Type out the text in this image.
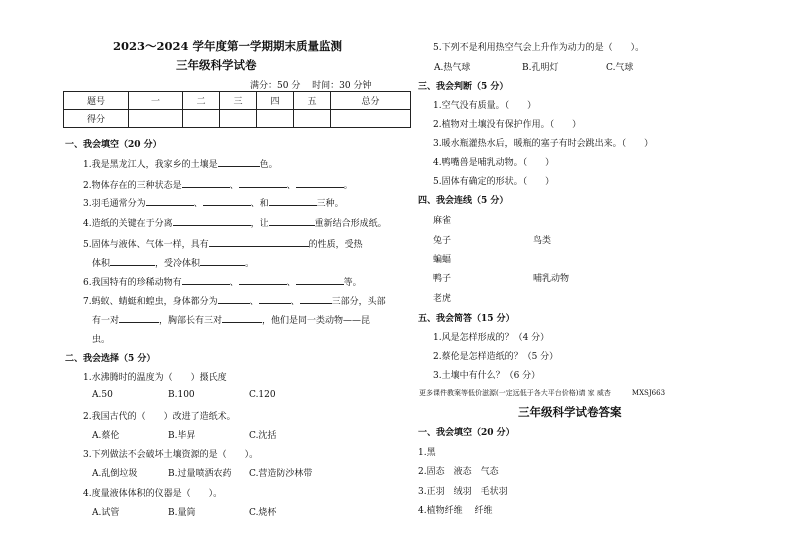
2023～2024 学年度第一学期期末质量监测
三年级科学试卷
满分：50 分　 时间：30 分钟
题号	一	二	三	四	五	总分
得分						
一、我会填空（20 分）
1.我是黑龙江人，我家乡的土壤是	色。
2.物体存在的三种状态是	、	、	。
3.羽毛通常分为	、	、和	三种。
4.造纸的关键在于分离	，让	重新结合形成纸。
5.固体与液体、气体一样，具有	的性质，受热
体积	，受冷体积	。
6.我国特有的珍稀动物有	、	、	等。
7.蚂蚁、蜻蜓和蝗虫，身体都分为	、	、	三部分，头部
有一对	，胸部长有三对	，他们是同一类动物——昆
虫。
二、我会选择（5 分）
1.水沸腾时的温度为（　　）摄氏度
A.50	B.100	C.120
2.我国古代的（　　）改进了造纸术。
A.蔡伦	B.毕昇	C.沈括
3.下列做法不会破坏土壤资源的是（　　）。
A.乱倒垃圾	B.过量喷洒农药 C.营造防沙林带
4.度量液体体积的仪器是（　　）。
A.试管	B.量筒	C.烧杯
5.下列不是利用热空气会上升作为动力的是（　　）。
A.热气球	B.孔明灯	C.气球
三、我会判断（5 分）
1.空气没有质量。（　　）
2.植物对土壤没有保护作用。（　　）
3.暖水瓶灌热水后，暖瓶的塞子有时会跳出来。（　　）
4.鸭嘴兽是哺乳动物。（　　）
5.固体有确定的形状。（　　）
四、我会连线（5 分）
麻雀
兔子
蝙蝠
鸭子
老虎
鸟类
哺乳动物
五、我会简答（15 分）
1.风是怎样形成的？（4 分）
2.蔡伦是怎样造纸的？（5 分）
3.土壤中有什么？（6 分）
更多课件教案等低价滋源(一定远低于各大平台价格)请 家 威杏　　　MXSJ663
三年级科学试卷答案
一、我会填空（20 分）
1.黑
2.固态　液态　气态
3.正羽　绒羽　毛状羽
4.植物纤维　 纤维
